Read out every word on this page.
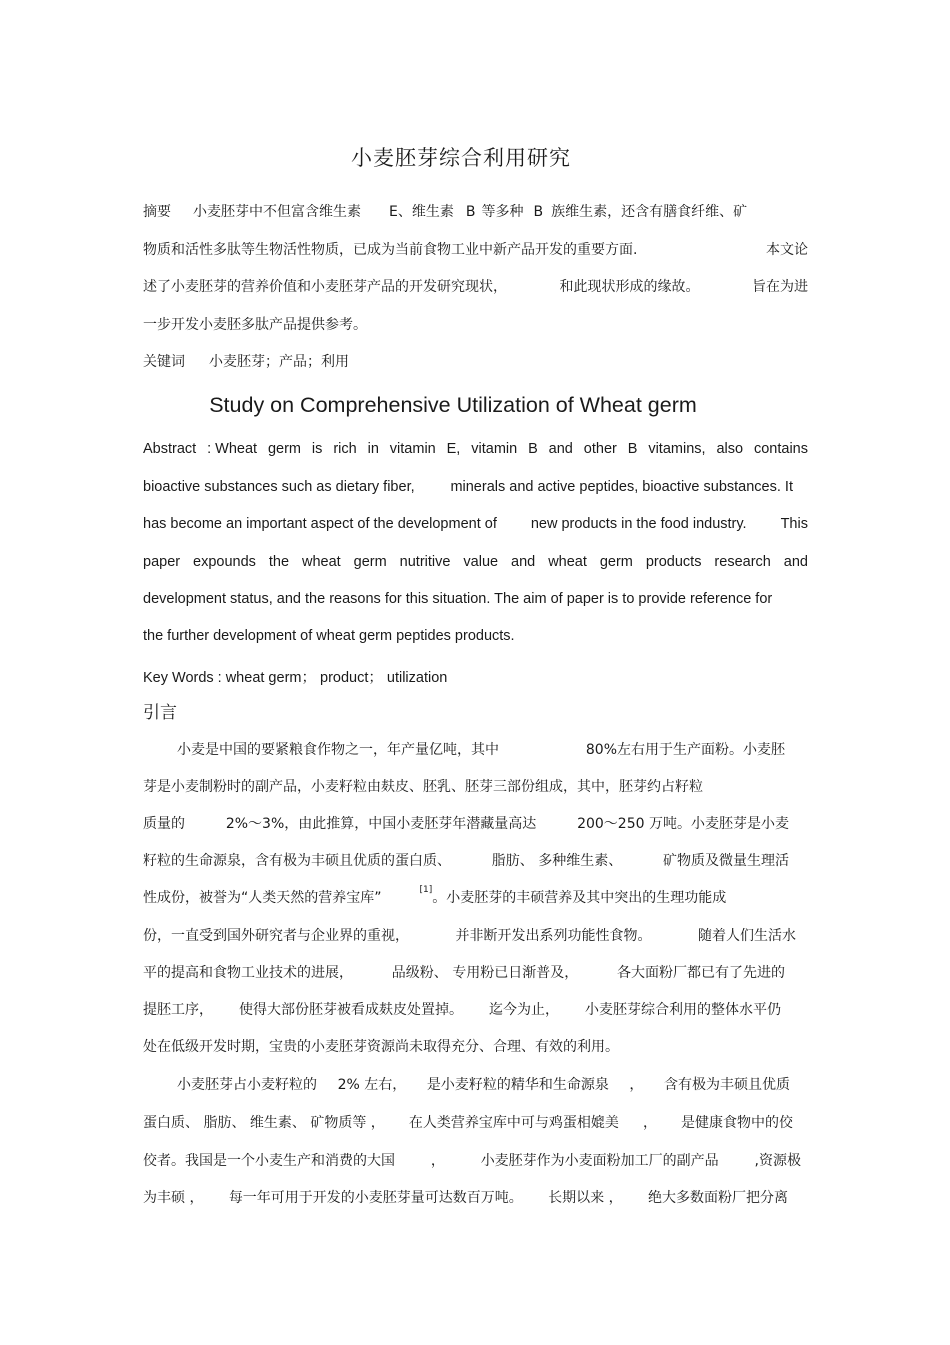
小麦胚芽综合利用研究
摘要 小麦胚芽中不但富含维生素 E、维生素 B 等多种 B 族维生素，还含有膳食纤维、矿
物质和活性多肽等生物活性物质，已成为当前食物工业中新产品开发的重要方面.	本文论
述了小麦胚芽的营养价值和小麦胚芽产品的开发研究现状，	和此现状形成的缘故。	旨在为进
一步开发小麦胚多肽产品提供参考。
关键词 小麦胚芽；产品；利用
Study on Comprehensive Utilization of Wheat germ
Abstract : Wheat germ is rich in vitamin E, vitamin B and other B vitamins, also contains
bioactive substances such as dietary fiber, minerals and active peptides, bioactive substances. It
has become an important aspect of the development of new products in the food industry. This
paper expounds the wheat germ nutritive value and wheat germ products research and
development status, and the reasons for this situation. The aim of paper is to provide reference for
the further development of wheat germ peptides products.
Key Words : wheat germ； product； utilization
引言
小麦是中国的要紧粮食作物之一，年产量亿吨，其中	80%左右用于生产面粉。小麦胚
芽是小麦制粉时的副产品，小麦籽粒由麸皮、胚乳、胚芽三部份组成，其中，胚芽约占籽粒
质量的	2%～3%，由此推算，中国小麦胚芽年潜藏量高达	200～250 万吨。小麦胚芽是小麦
籽粒的生命源泉，含有极为丰硕且优质的蛋白质、	脂肪、 多种维生素、	矿物质及微量生理活
性成份，被誉为“人类天然的营养宝库”	[1]。小麦胚芽的丰硕营养及其中突出的生理功能成
份，一直受到国外研究者与企业界的重视，	并非断开发出系列功能性食物。	随着人们生活水
平的提高和食物工业技术的进展，	品级粉、 专用粉已日渐普及，	各大面粉厂都已有了先进的
提胚工序， 使得大部份胚芽被看成麸皮处置掉。 迄今为止， 小麦胚芽综合利用的整体水平仍
处在低级开发时期，宝贵的小麦胚芽资源尚未取得充分、合理、有效的利用。
小麦胚芽占小麦籽粒的 2% 左右， 是小麦籽粒的精华和生命源泉 ， 含有极为丰硕且优质
蛋白质、 脂肪、 维生素、 矿物质等 ， 在人类营养宝库中可与鸡蛋相媲美 ， 是健康食物中的佼
佼者。我国是一个小麦生产和消费的大国	，	小麦胚芽作为小麦面粉加工厂的副产品	,资源极
为丰硕 ， 每一年可用于开发的小麦胚芽量可达数百万吨。 长期以来 ， 绝大多数面粉厂把分离
